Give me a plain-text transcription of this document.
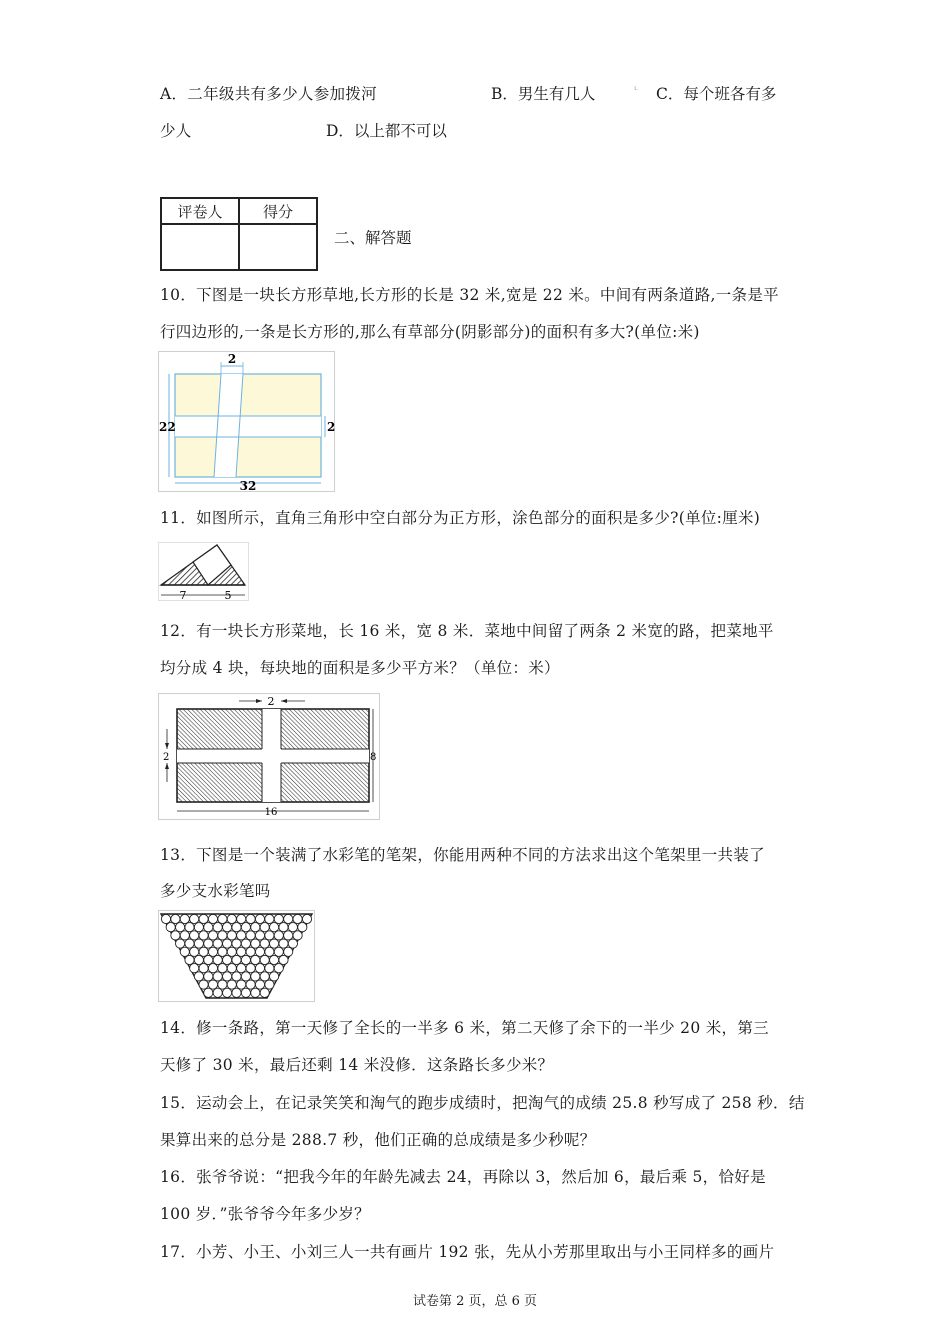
A．二年级共有多少人参加拨河	B．男生有几人	ᴸ C．每个班各有多
少人	D．以上都不可以
评卷人	得分

二、解答题
10．下图是一块长方形草地,长方形的长是 32 米,宽是 22 米。中间有两条道路,一条是平
行四边形的,一条是长方形的,那么有草部分(阴影部分)的面积有多大?(单位:米)
2
2
22
32
11．如图所示，直角三角形中空白部分为正方形，涂色部分的面积是多少?(单位:厘米)
7	5
12．有一块长方形菜地，长 16 米，宽 8 米．菜地中间留了两条 2 米宽的路，把菜地平
均分成 4 块，每块地的面积是多少平方米？（单位：米）
2
2	8
16
13．下图是一个装满了水彩笔的笔架，你能用两种不同的方法求出这个笔架里一共装了
多少支水彩笔吗
14．修一条路，第一天修了全长的一半多 6 米，第二天修了余下的一半少 20 米，第三
天修了 30 米，最后还剩 14 米没修．这条路长多少米？
15．运动会上，在记录笑笑和淘气的跑步成绩时，把淘气的成绩 25.8 秒写成了 258 秒．结
果算出来的总分是 288.7 秒，他们正确的总成绩是多少秒呢？
16．张爷爷说：“把我今年的年龄先减去 24，再除以 3，然后加 6，最后乘 5，恰好是
100 岁．”张爷爷今年多少岁？
17．小芳、小王、小刘三人一共有画片 192 张，先从小芳那里取出与小王同样多的画片
试卷第 2 页，总 6 页
